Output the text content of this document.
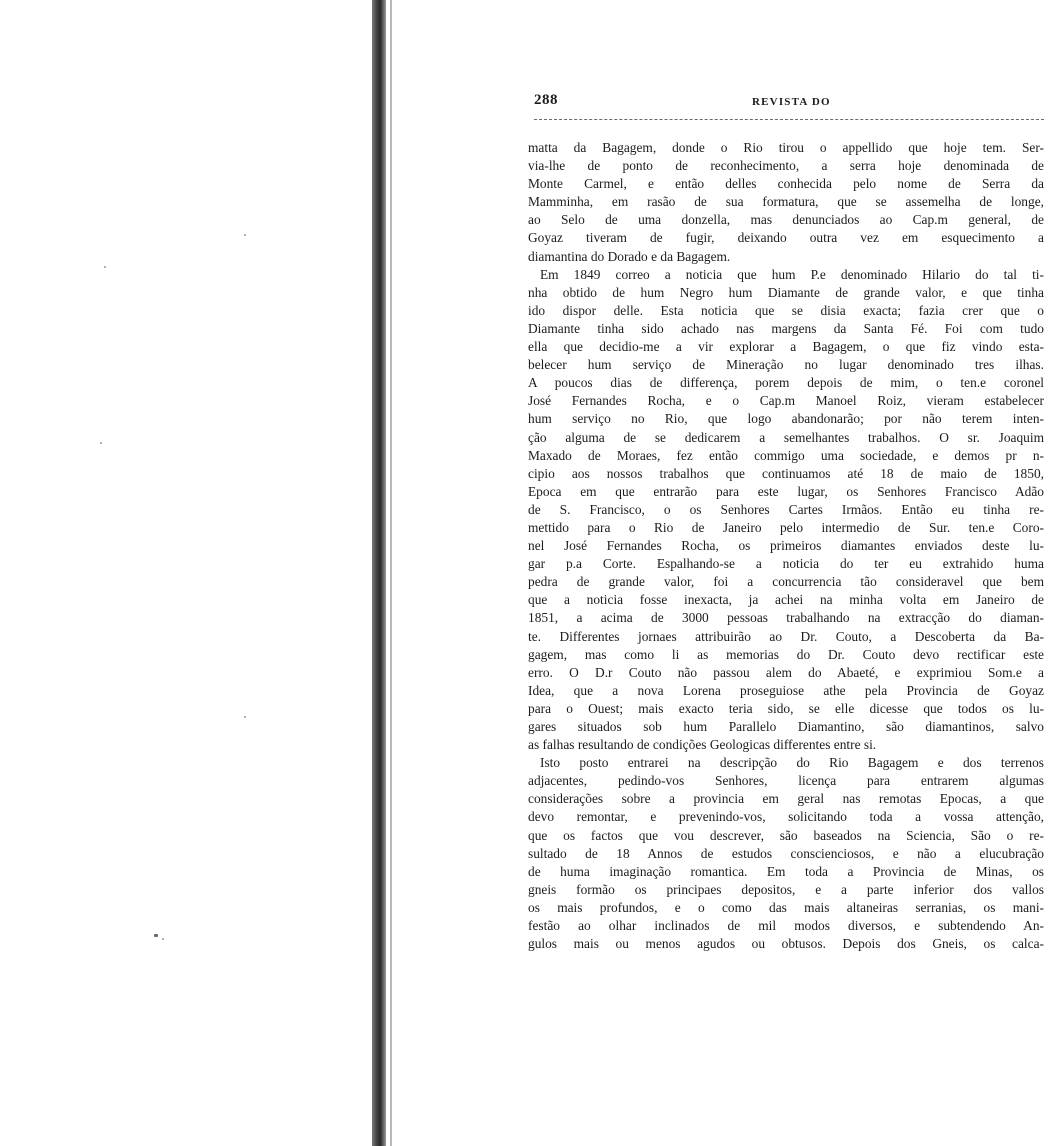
288	REVISTA DO
matta da Bagagem, donde o Rio tirou o appellido que hoje tem. Ser-
via-lhe de ponto de reconhecimento, a serra hoje denominada de
Monte Carmel, e então delles conhecida pelo nome de Serra da
Mamminha, em rasão de sua formatura, que se assemelha de longe,
ao Selo de uma donzella, mas denunciados ao Cap.m general, de
Goyaz tiveram de fugir, deixando outra vez em esquecimento a
diamantina do Dorado e da Bagagem.
Em 1849 correo a noticia que hum P.e denominado Hilario do tal ti-
nha obtido de hum Negro hum Diamante de grande valor, e que tinha
ido dispor delle. Esta noticia que se disia exacta; fazia crer que o
Diamante tinha sido achado nas margens da Santa Fé. Foi com tudo
ella que decidio-me a vir explorar a Bagagem, o que fiz vindo esta-
belecer hum serviço de Mineração no lugar denominado tres ilhas.
A poucos dias de differença, porem depois de mim, o ten.e coronel
José Fernandes Rocha, e o Cap.m Manoel Roiz, vieram estabelecer
hum serviço no Rio, que logo abandonarão; por não terem inten-
ção alguma de se dedicarem a semelhantes trabalhos. O sr. Joaquim
Maxado de Moraes, fez então commigo uma sociedade, e demos pr n-
cipio aos nossos trabalhos que continuamos até 18 de maio de 1850,
Epoca em que entrarão para este lugar, os Senhores Francisco Adão
de S. Francisco, o os Senhores Cartes Irmãos. Então eu tinha re-
mettido para o Rio de Janeiro pelo intermedio de Sur. ten.e Coro-
nel José Fernandes Rocha, os primeiros diamantes enviados deste lu-
gar p.a Corte. Espalhando-se a noticia do ter eu extrahido huma
pedra de grande valor, foi a concurrencia tão consideravel que bem
que a noticia fosse inexacta, ja achei na minha volta em Janeiro de
1851, a acima de 3000 pessoas trabalhando na extracção do diaman-
te. Differentes jornaes attribuirão ao Dr. Couto, a Descoberta da Ba-
gagem, mas como li as memorias do Dr. Couto devo rectificar este
erro. O D.r Couto não passou alem do Abaeté, e exprimiou Som.e a
Idea, que a nova Lorena proseguiose athe pela Provincia de Goyaz
para o Ouest; mais exacto teria sido, se elle dicesse que todos os lu-
gares situados sob hum Parallelo Diamantino, são diamantinos, salvo
as falhas resultando de condições Geologicas differentes entre si.
Isto posto entrarei na descripção do Rio Bagagem e dos terrenos
adjacentes, pedindo-vos Senhores, licença para entrarem algumas
considerações sobre a provincia em geral nas remotas Epocas, a que
devo remontar, e prevenindo-vos, solicitando toda a vossa attenção,
que os factos que vou descrever, são baseados na Sciencia, São o re-
sultado de 18 Annos de estudos conscienciosos, e não a elucubração
de huma imaginação romantica. Em toda a Provincia de Minas, os
gneis formão os principaes depositos, e a parte inferior dos vallos
os mais profundos, e o como das mais altaneiras serranias, os mani-
festão ao olhar inclinados de mil modos diversos, e subtendendo An-
gulos mais ou menos agudos ou obtusos. Depois dos Gneis, os calca-
